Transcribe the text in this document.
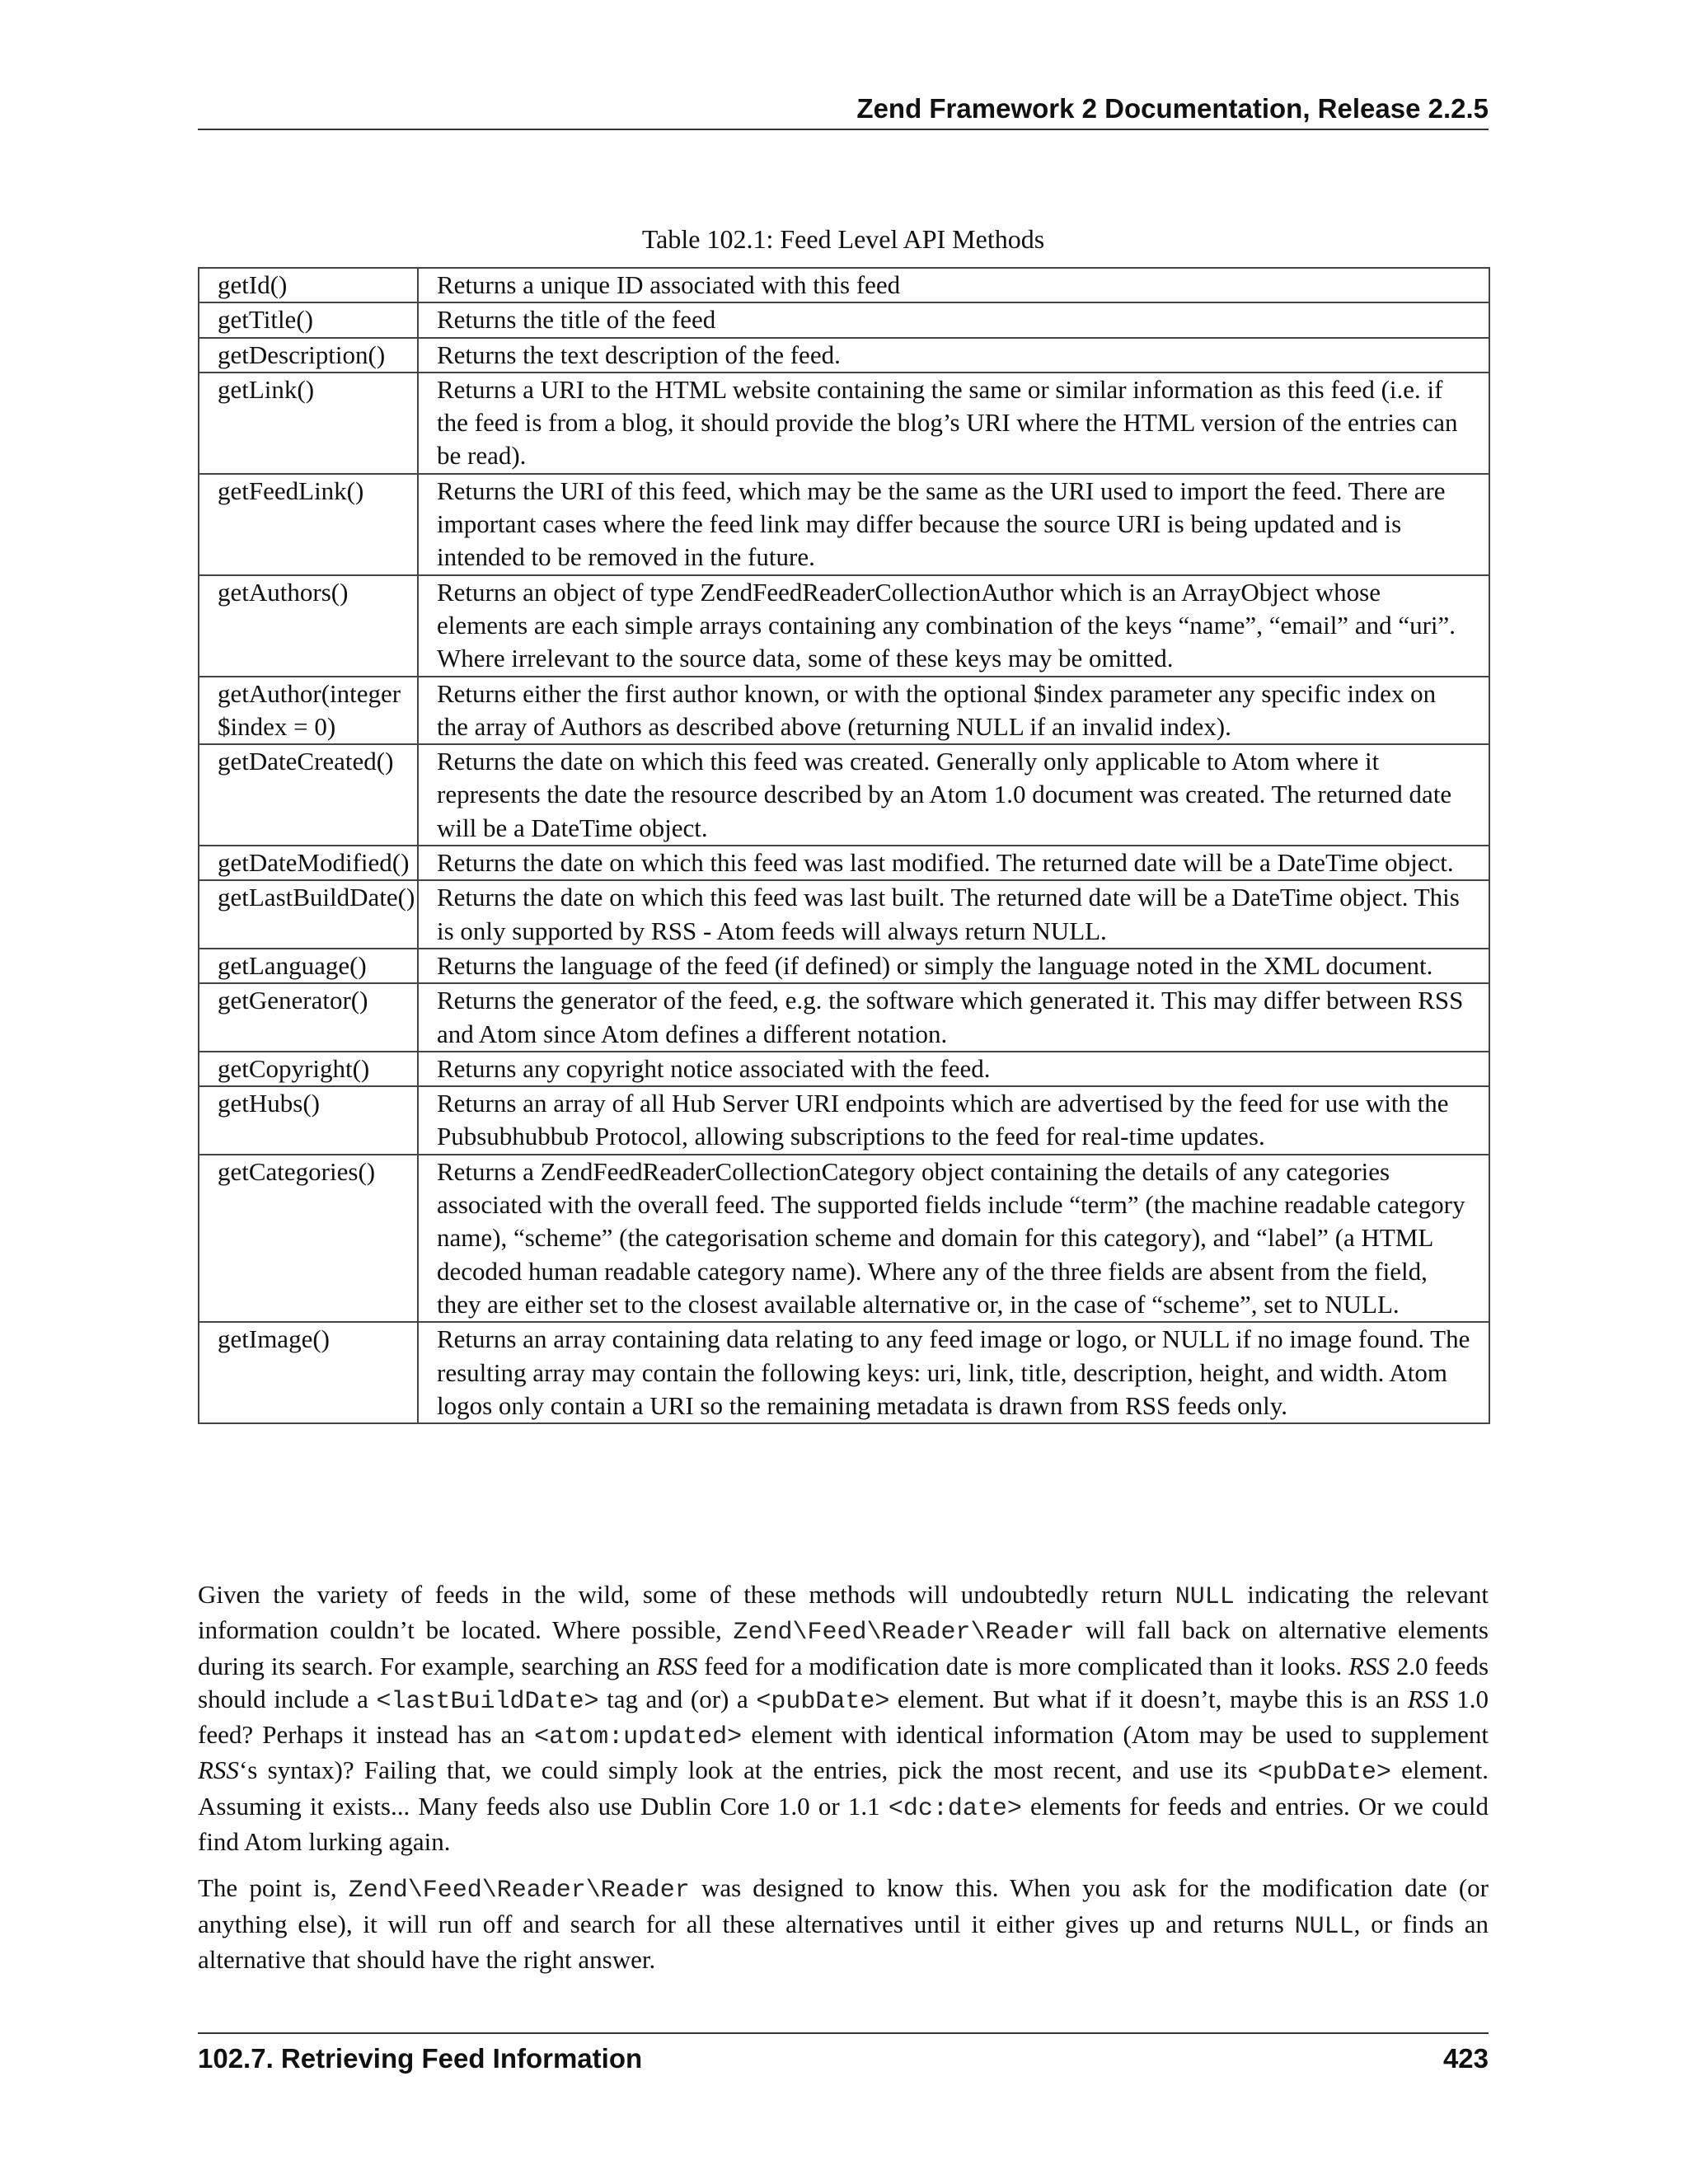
Zend Framework 2 Documentation, Release 2.2.5
Table 102.1: Feed Level API Methods
getId()	Returns a unique ID associated with this feed
getTitle()	Returns the title of the feed
getDescription()	Returns the text description of the feed.
getLink()	Returns a URI to the HTML website containing the same or similar information as this feed (i.e. if the feed is from a blog, it should provide the blog’s URI where the HTML version of the entries can be read).
getFeedLink()	Returns the URI of this feed, which may be the same as the URI used to import the feed. There are important cases where the feed link may differ because the source URI is being updated and is intended to be removed in the future.
getAuthors()	Returns an object of type ZendFeedReaderCollectionAuthor which is an ArrayObject whose elements are each simple arrays containing any combination of the keys “name”, “email” and “uri”. Where irrelevant to the source data, some of these keys may be omitted.
getAuthor(integer $index = 0)	Returns either the first author known, or with the optional $index parameter any specific index on the array of Authors as described above (returning NULL if an invalid index).
getDateCreated()	Returns the date on which this feed was created. Generally only applicable to Atom where it represents the date the resource described by an Atom 1.0 document was created. The returned date will be a DateTime object.
getDateModified()	Returns the date on which this feed was last modified. The returned date will be a DateTime object.
getLastBuildDate()	Returns the date on which this feed was last built. The returned date will be a DateTime object. This is only supported by RSS - Atom feeds will always return NULL.
getLanguage()	Returns the language of the feed (if defined) or simply the language noted in the XML document.
getGenerator()	Returns the generator of the feed, e.g. the software which generated it. This may differ between RSS and Atom since Atom defines a different notation.
getCopyright()	Returns any copyright notice associated with the feed.
getHubs()	Returns an array of all Hub Server URI endpoints which are advertised by the feed for use with the Pubsubhubbub Protocol, allowing subscriptions to the feed for real-time updates.
getCategories()	Returns a ZendFeedReaderCollectionCategory object containing the details of any categories associated with the overall feed. The supported fields include “term” (the machine readable category name), “scheme” (the categorisation scheme and domain for this category), and “label” (a HTML decoded human readable category name). Where any of the three fields are absent from the field, they are either set to the closest available alternative or, in the case of “scheme”, set to NULL.
getImage()	Returns an array containing data relating to any feed image or logo, or NULL if no image found. The resulting array may contain the following keys: uri, link, title, description, height, and width. Atom logos only contain a URI so the remaining metadata is drawn from RSS feeds only.

Given the variety of feeds in the wild, some of these methods will undoubtedly return NULL indicating the relevant information couldn’t be located. Where possible, Zend\Feed\Reader\Reader will fall back on alternative elements during its search. For example, searching an RSS feed for a modification date is more complicated than it looks. RSS 2.0 feeds should include a <lastBuildDate> tag and (or) a <pubDate> element. But what if it doesn’t, maybe this is an RSS 1.0 feed? Perhaps it instead has an <atom:updated> element with identical information (Atom may be used to supplement RSS‘s syntax)? Failing that, we could simply look at the entries, pick the most recent, and use its <pubDate> element. Assuming it exists... Many feeds also use Dublin Core 1.0 or 1.1 <dc:date> elements for feeds and entries. Or we could find Atom lurking again.

The point is, Zend\Feed\Reader\Reader was designed to know this. When you ask for the modification date (or anything else), it will run off and search for all these alternatives until it either gives up and returns NULL, or finds an alternative that should have the right answer.

102.7. Retrieving Feed Information	423
